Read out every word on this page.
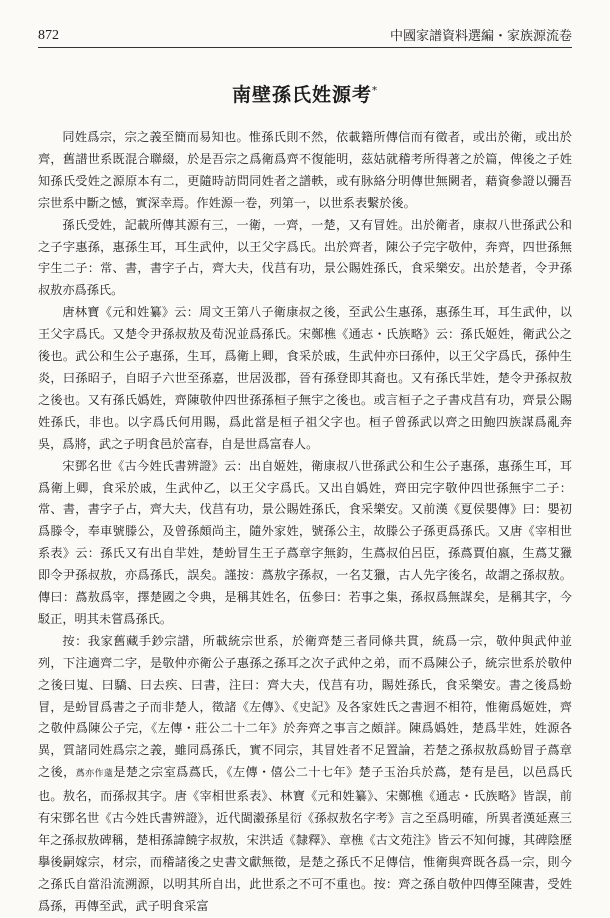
872	中國家譜資料選編・家族源流卷
南壁孫氏姓源考*

同姓爲宗，宗之義至簡而易知也。惟孫氏則不然，依載籍所傳信而有徵者，或出於衛，或出於齊，舊譜世系既混合聯綴，於是吾宗之爲衛爲齊不復能明，茲姑就稽考所得著之於篇，俾後之子姓知孫氏受姓之源原本有二，更隨時訪問同姓者之譜軼，或有脉絡分明傳世無闕者，藉資參證以彌吾宗世系中斷之憾，實深幸焉。作姓源一卷，列第一，以世系表繫於後。

孫氏受姓，記載所傳其源有三，一衛，一齊，一楚，又有冒姓。出於衛者，康叔八世孫武公和之子字惠孫，惠孫生耳，耳生武仲，以王父字爲氏。出於齊者，陳公子完字敬仲，奔齊，四世孫無宇生二子：常、書，書字子占，齊大夫，伐莒有功，景公賜姓孫氏，食采樂安。出於楚者，令尹孫叔敖亦爲孫氏。

唐林寶《元和姓纂》云：周文王第八子衛康叔之後，至武公生惠孫，惠孫生耳，耳生武仲，以王父字爲氏。又楚令尹孫叔敖及荀況並爲孫氏。宋鄭樵《通志・氏族略》云：孫氏姬姓，衛武公之後也。武公和生公子惠孫，生耳，爲衛上卿，食采於戚，生武仲亦曰孫仲，以王父字爲氏，孫仲生炎，曰孫昭子，自昭子六世至孫嘉，世居汲郡，晉有孫登即其裔也。又有孫氏羋姓，楚令尹孫叔敖之後也。又有孫氏嬀姓，齊陳敬仲四世孫孫桓子無宇之後也。或言桓子之子書戍莒有功，齊景公賜姓孫氏，非也。以字爲氏何用賜，爲此當是桓子祖父字也。桓子曾孫武以齊之田鮑四族謀爲亂奔吳，爲將，武之子明食邑於富春，自是世爲富春人。

宋鄧名世《古今姓氏書辨證》云：出自姬姓，衛康叔八世孫武公和生公子惠孫，惠孫生耳，耳爲衛上卿，食采於戚，生武仲乙，以王父字爲氏。又出自嬀姓，齊田完字敬仲四世孫無宇二子：常、書，書字子占，齊大夫，伐莒有功，景公賜姓孫氏，食采樂安。又前漢《夏侯嬰傳》曰：嬰初爲滕令，奉車號滕公，及曾孫頗尚主，隨外家姓，號孫公主，故滕公子孫更爲孫氏。又唐《宰相世系表》云：孫氏又有出自羋姓，楚蚡冒生王子蔿章字無鈞，生蔿叔伯呂臣，孫蔿賈伯嬴，生蔿艾獵即令尹孫叔敖，亦爲孫氏，誤矣。謹按：蔿敖字孫叔，一名艾獵，古人先字後名，故謂之孫叔敖。傳曰：蔿敖爲宰，擇楚國之令典，是稱其姓名，伍參曰：若事之集，孫叔爲無謀矣，是稱其字，今駁正，明其未嘗爲孫氏。

按：我家舊藏手鈔宗譜，所載統宗世系，於衛齊楚三者同條共貫，統爲一宗，敬仲與武仲並列，下注適齊二字，是敬仲亦衛公子惠孫之孫耳之次子武仲之弟，而不爲陳公子，統宗世系於敬仲之後曰嵬、曰驕、曰去疾、曰書，注曰：齊大夫，伐莒有功，賜姓孫氏，食采樂安。書之後爲蚡冒，是蚡冒爲書之子而非楚人，徵諸《左傳》、《史記》及各家姓氏之書迥不相符，惟衛爲姬姓，齊之敬仲爲陳公子完，《左傳・莊公二十二年》於奔齊之事言之頗詳。陳爲嬀姓，楚爲羋姓，姓源各異，質諸同姓爲宗之義，雖同爲孫氏，實不同宗，其冒姓者不足置論，若楚之孫叔敖爲蚡冒子蔿章之後，蔿亦作薳是楚之宗室爲蔿氏，《左傳・僖公二十七年》楚子玉治兵於蔿，楚有是邑，以邑爲氏也。敖名，而孫叔其字。唐《宰相世系表》、林寶《元和姓纂》、宋鄭樵《通志・氏族略》皆誤，前有宋鄧名世《古今姓氏書辨證》，近代閩瀫孫星衍《孫叔敖名字考》言之至爲明確，所異者漢延熹三年之孫叔敖碑稱，楚相孫諱饒字叔敖，宋洪适《隸釋》、章樵《古文苑注》皆云不知何據，其碑陰歷擧後嗣嫁宗，材宗，而稽諸後之史書文獻無徵，是楚之孫氏不足傳信，惟衛與齊既各爲一宗，則今之孫氏自當沿流溯源，以明其所自出，此世系之不可不重也。按：齊之孫自敬仲四傳至陳書，受姓爲孫，再傳至武，武子明食采富
